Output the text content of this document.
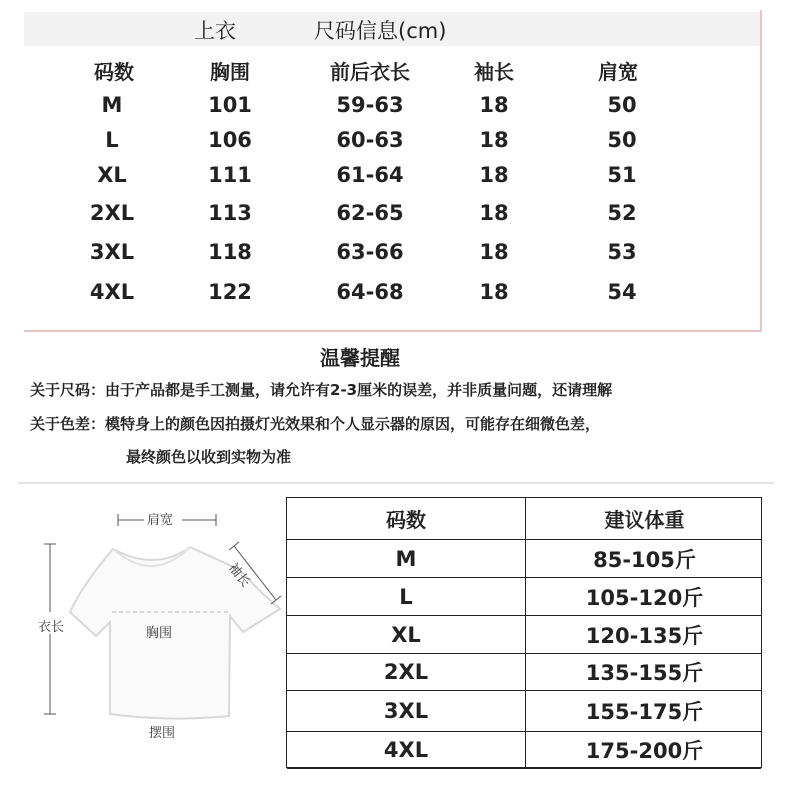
上衣	尺码信息(cm)
码数	胸围	前后衣长	袖长	肩宽
M	101	59-63	18	50
L	106	60-63	18	50
XL	111	61-64	18	51
2XL	113	62-65	18	52
3XL	118	63-66	18	53
4XL	122	64-68	18	54
温馨提醒
关于尺码：由于产品都是手工测量，请允许有2-3厘米的误差，并非质量问题，还请理解
关于色差：模特身上的颜色因拍摄灯光效果和个人显示器的原因，可能存在细微色差，
最终颜色以收到实物为准
肩宽
袖长
衣长	胸围
摆围
码数	建议体重
M	85-105斤
L	105-120斤
XL	120-135斤
2XL	135-155斤
3XL	155-175斤
4XL	175-200斤
